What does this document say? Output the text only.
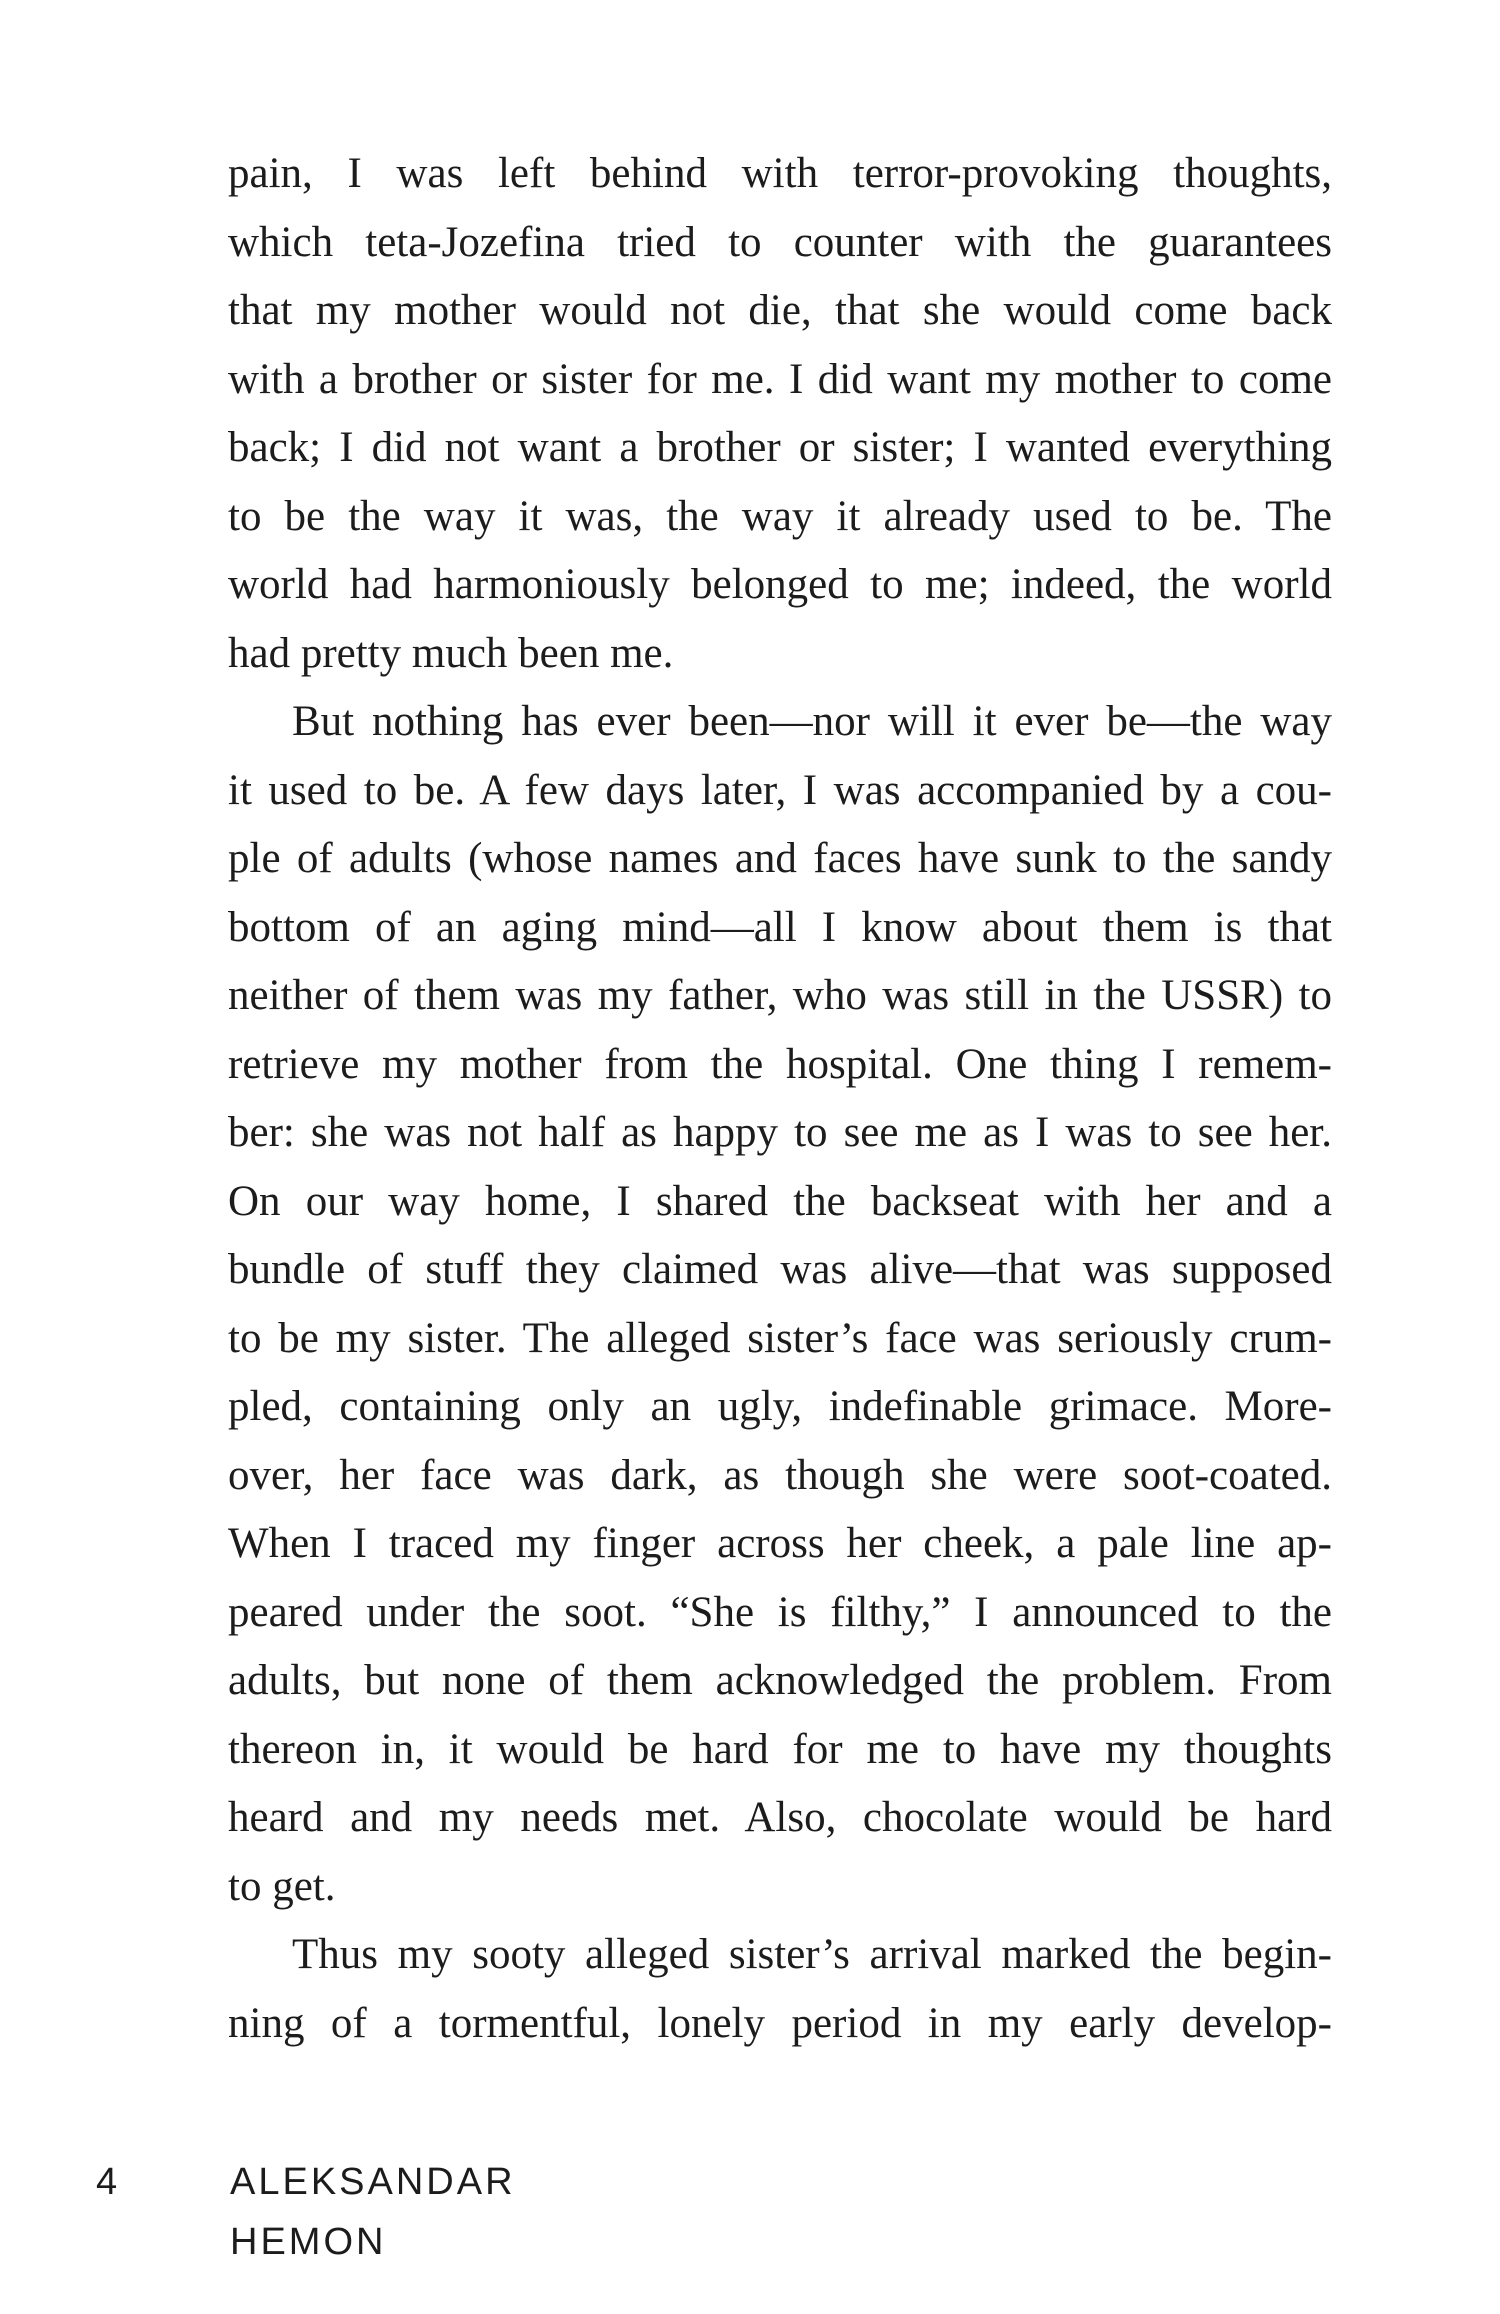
pain, I was left behind with terror-provoking thoughts,
which teta-Jozefina tried to counter with the guarantees
that my mother would not die, that she would come back
with a brother or sister for me. I did want my mother to come
back; I did not want a brother or sister; I wanted everything
to be the way it was, the way it already used to be. The
world had harmoniously belonged to me; indeed, the world
had pretty much been me.
But nothing has ever been—nor will it ever be—the way
it used to be. A few days later, I was accompanied by a cou-
ple of adults (whose names and faces have sunk to the sandy
bottom of an aging mind—all I know about them is that
neither of them was my father, who was still in the USSR) to
retrieve my mother from the hospital. One thing I remem-
ber: she was not half as happy to see me as I was to see her.
On our way home, I shared the backseat with her and a
bundle of stuff they claimed was alive—that was supposed
to be my sister. The alleged sister’s face was seriously crum-
pled, containing only an ugly, indefinable grimace. More-
over, her face was dark, as though she were soot-coated.
When I traced my finger across her cheek, a pale line ap-
peared under the soot. “She is filthy,” I announced to the
adults, but none of them acknowledged the problem. From
thereon in, it would be hard for me to have my thoughts
heard and my needs met. Also, chocolate would be hard
to get.
Thus my sooty alleged sister’s arrival marked the begin-
ning of a tormentful, lonely period in my early develop-
4	ALEKSANDAR HEMON
